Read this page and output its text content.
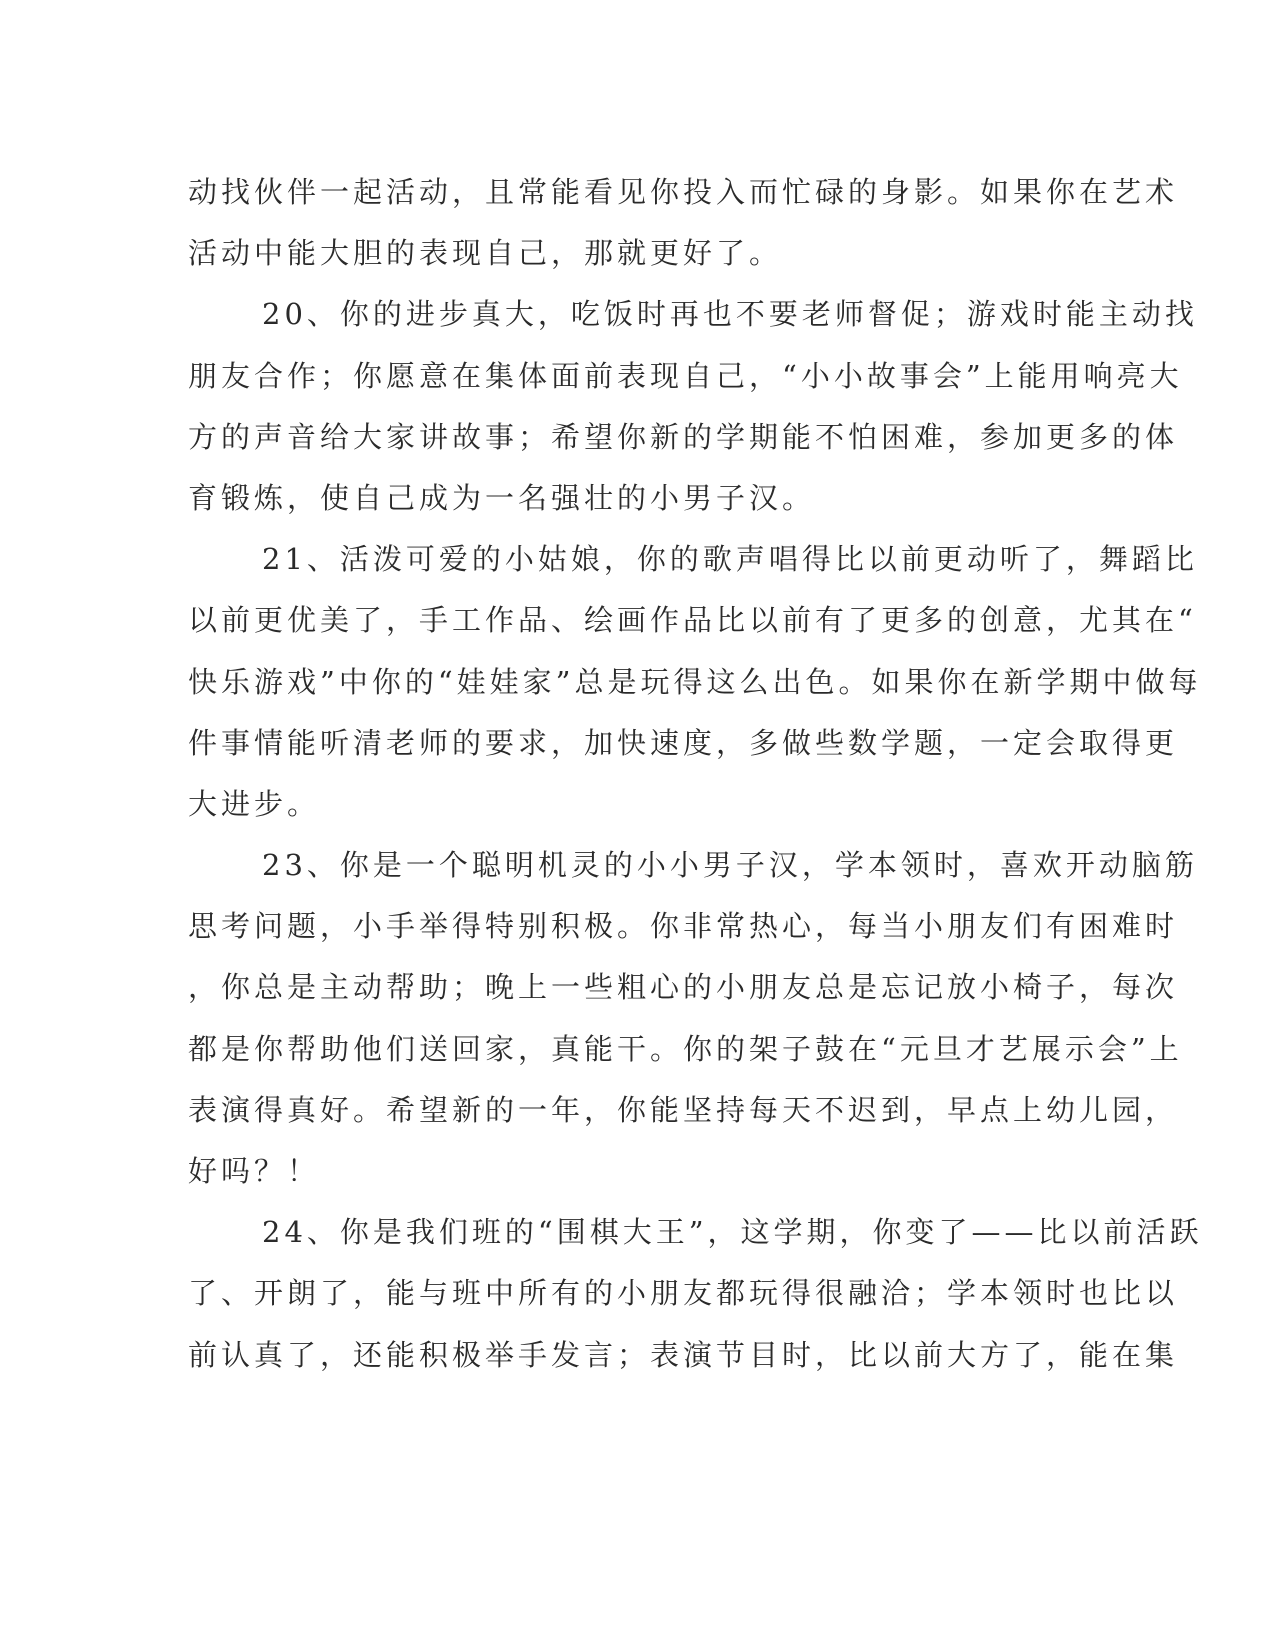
动找伙伴一起活动，且常能看见你投入而忙碌的身影。如果你在艺术
活动中能大胆的表现自己，那就更好了。
20、你的进步真大，吃饭时再也不要老师督促；游戏时能主动找
朋友合作；你愿意在集体面前表现自己，“小小故事会”上能用响亮大
方的声音给大家讲故事；希望你新的学期能不怕困难，参加更多的体
育锻炼，使自己成为一名强壮的小男子汉。
21、活泼可爱的小姑娘，你的歌声唱得比以前更动听了，舞蹈比
以前更优美了，手工作品、绘画作品比以前有了更多的创意，尤其在“
快乐游戏”中你的“娃娃家”总是玩得这么出色。如果你在新学期中做每
件事情能听清老师的要求，加快速度，多做些数学题，一定会取得更
大进步。
23、你是一个聪明机灵的小小男子汉，学本领时，喜欢开动脑筋
思考问题，小手举得特别积极。你非常热心，每当小朋友们有困难时
，你总是主动帮助；晚上一些粗心的小朋友总是忘记放小椅子，每次
都是你帮助他们送回家，真能干。你的架子鼓在“元旦才艺展示会”上
表演得真好。希望新的一年，你能坚持每天不迟到，早点上幼儿园，
好吗？！
24、你是我们班的“围棋大王”，这学期，你变了——比以前活跃
了、开朗了，能与班中所有的小朋友都玩得很融洽；学本领时也比以
前认真了，还能积极举手发言；表演节目时，比以前大方了，能在集
